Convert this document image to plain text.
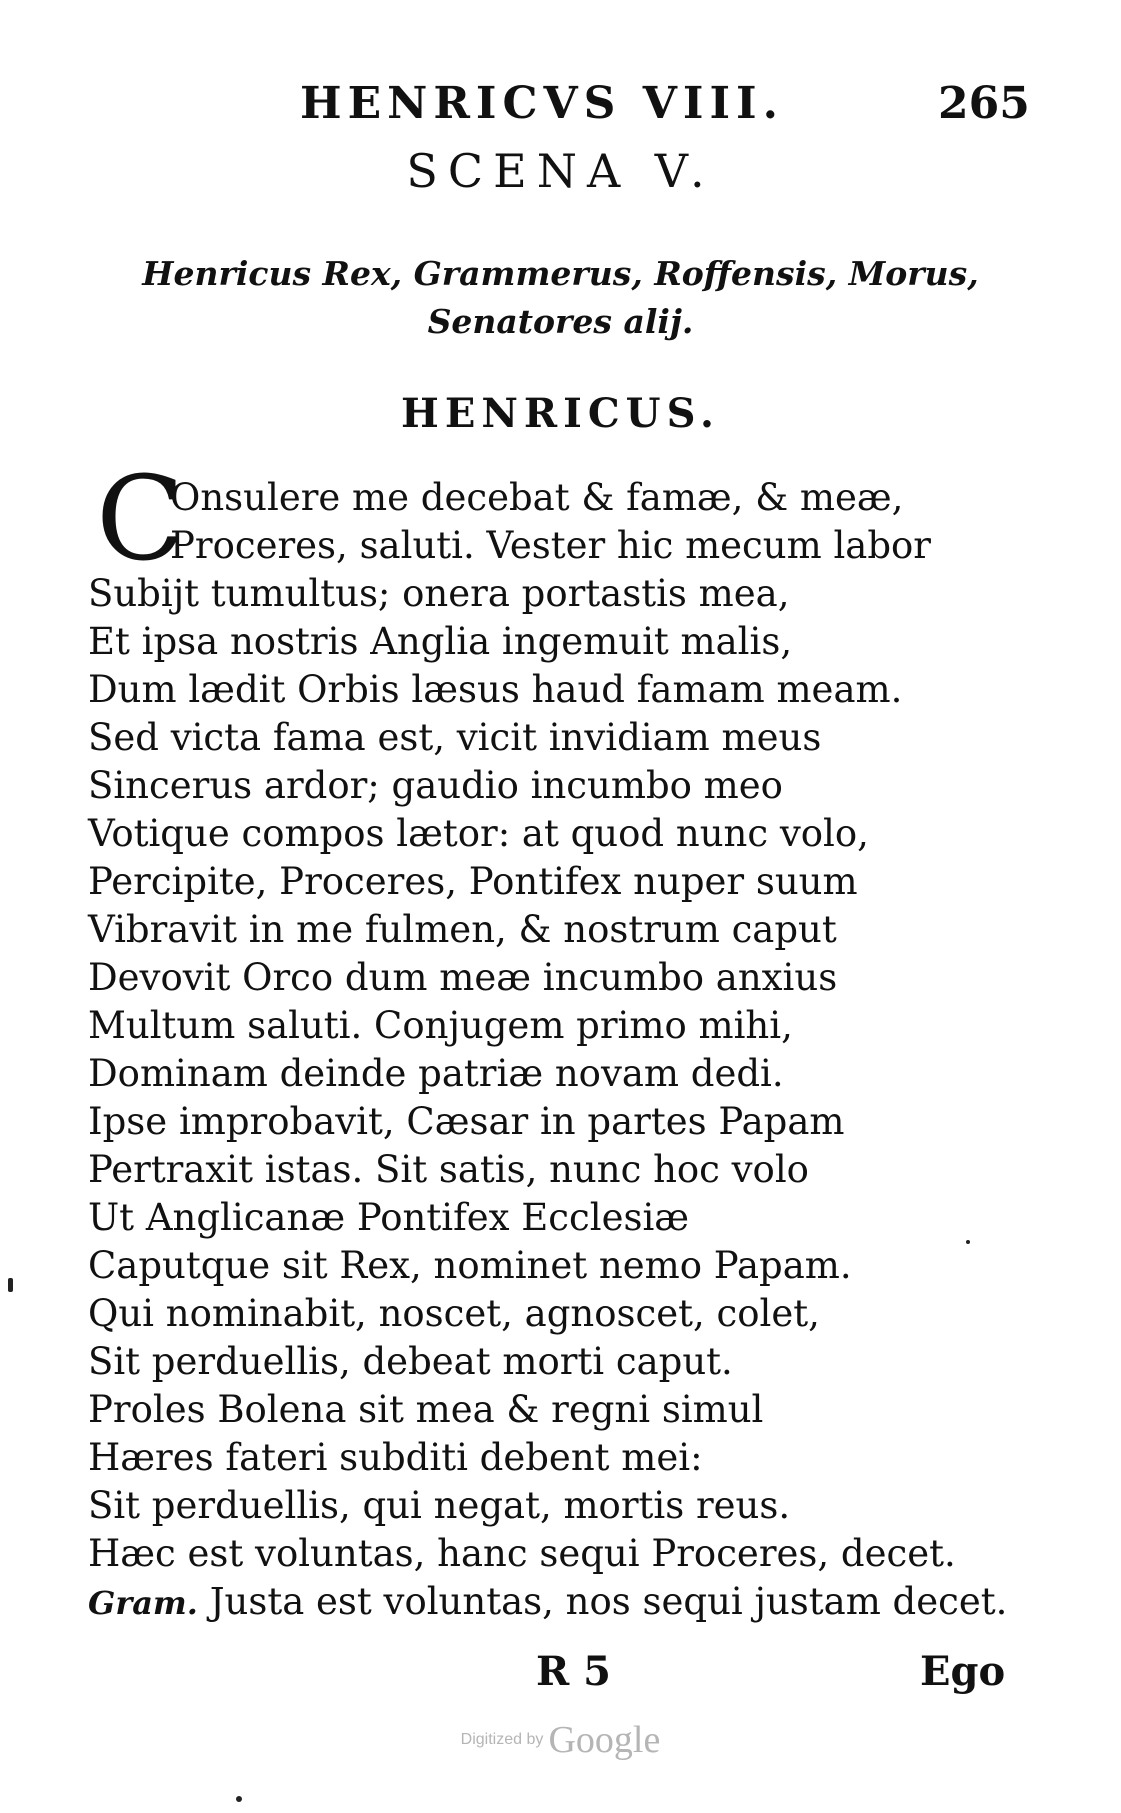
HENRICVS VIII.	265
SCENA V.
Henricus Rex, Grammerus, Roffensis, Morus,
Senatores alij.
HENRICUS.
C
Onsulere me decebat & famæ, & meæ,
Proceres, saluti. Vester hic mecum labor
Subijt tumultus; onera portastis mea,
Et ipsa nostris Anglia ingemuit malis,
Dum lædit Orbis læsus haud famam meam.
Sed victa fama est, vicit invidiam meus
Sincerus ardor; gaudio incumbo meo
Votique compos lætor: at quod nunc volo,
Percipite, Proceres, Pontifex nuper suum
Vibravit in me fulmen, & nostrum caput
Devovit Orco dum meæ incumbo anxius
Multum saluti. Conjugem primo mihi,
Dominam deinde patriæ novam dedi.
Ipse improbavit, Cæsar in partes Papam
Pertraxit istas. Sit satis, nunc hoc volo
Ut Anglicanæ Pontifex Ecclesiæ
Caputque sit Rex, nominet nemo Papam.
Qui nominabit, noscet, agnoscet, colet,
Sit perduellis, debeat morti caput.
Proles Bolena sit mea & regni simul
Hæres fateri subditi debent mei:
Sit perduellis, qui negat, mortis reus.
Hæc est voluntas, hanc sequi Proceres, decet.
Gram. Justa est voluntas, nos sequi justam decet.
R 5	Ego
Digitized by Google
